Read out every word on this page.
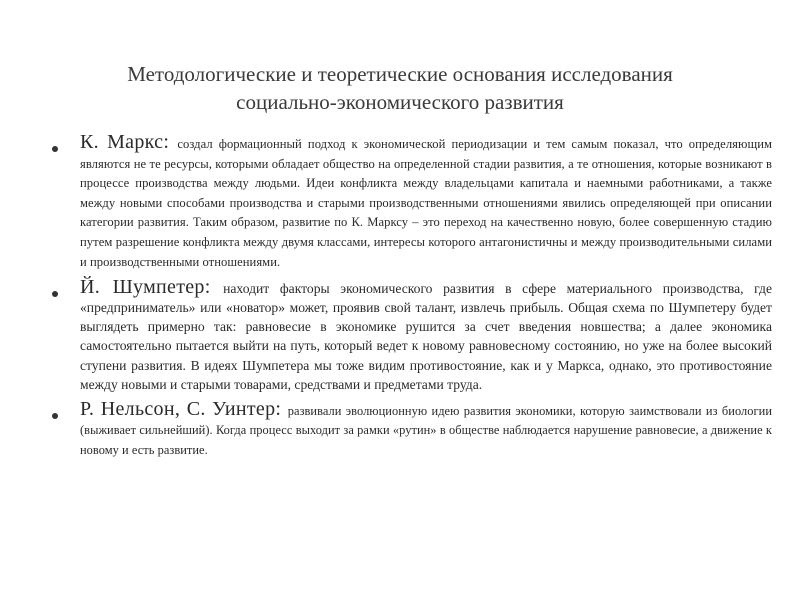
Методологические и теоретические основания исследования
социально-экономического развития
К. Маркс: создал формационный подход к экономической периодизации и тем самым показал, что определяющим являются не те ресурсы, которыми обладает общество на определенной стадии развития, а те отношения, которые возникают в процессе производства между людьми. Идеи конфликта между владельцами капитала и наемными работниками, а также между новыми способами производства и старыми производственными отношениями явились определяющей при описании категории развития. Таким образом, развитие по К. Марксу – это переход на качественно новую, более совершенную стадию путем разрешение конфликта между двумя классами, интересы которого антагонистичны и между производительными силами и производственными отношениями.
Й. Шумпетер: находит факторы экономического развития в сфере материального производства, где «предприниматель» или «новатор» может, проявив свой талант, извлечь прибыль. Общая схема по Шумпетеру будет выглядеть примерно так: равновесие в экономике рушится за счет введения новшества; а далее экономика самостоятельно пытается выйти на путь, который ведет к новому равновесному состоянию, но уже на более высокий ступени развития. В идеях Шумпетера мы тоже видим противостояние, как и у Маркса, однако, это противостояние между новыми и старыми товарами, средствами и предметами труда.
Р. Нельсон, С. Уинтер: развивали эволюционную идею развития экономики, которую заимствовали из биологии (выживает сильнейший). Когда процесс выходит за рамки «рутин» в обществе наблюдается нарушение равновесие, а движение к новому и есть развитие.
